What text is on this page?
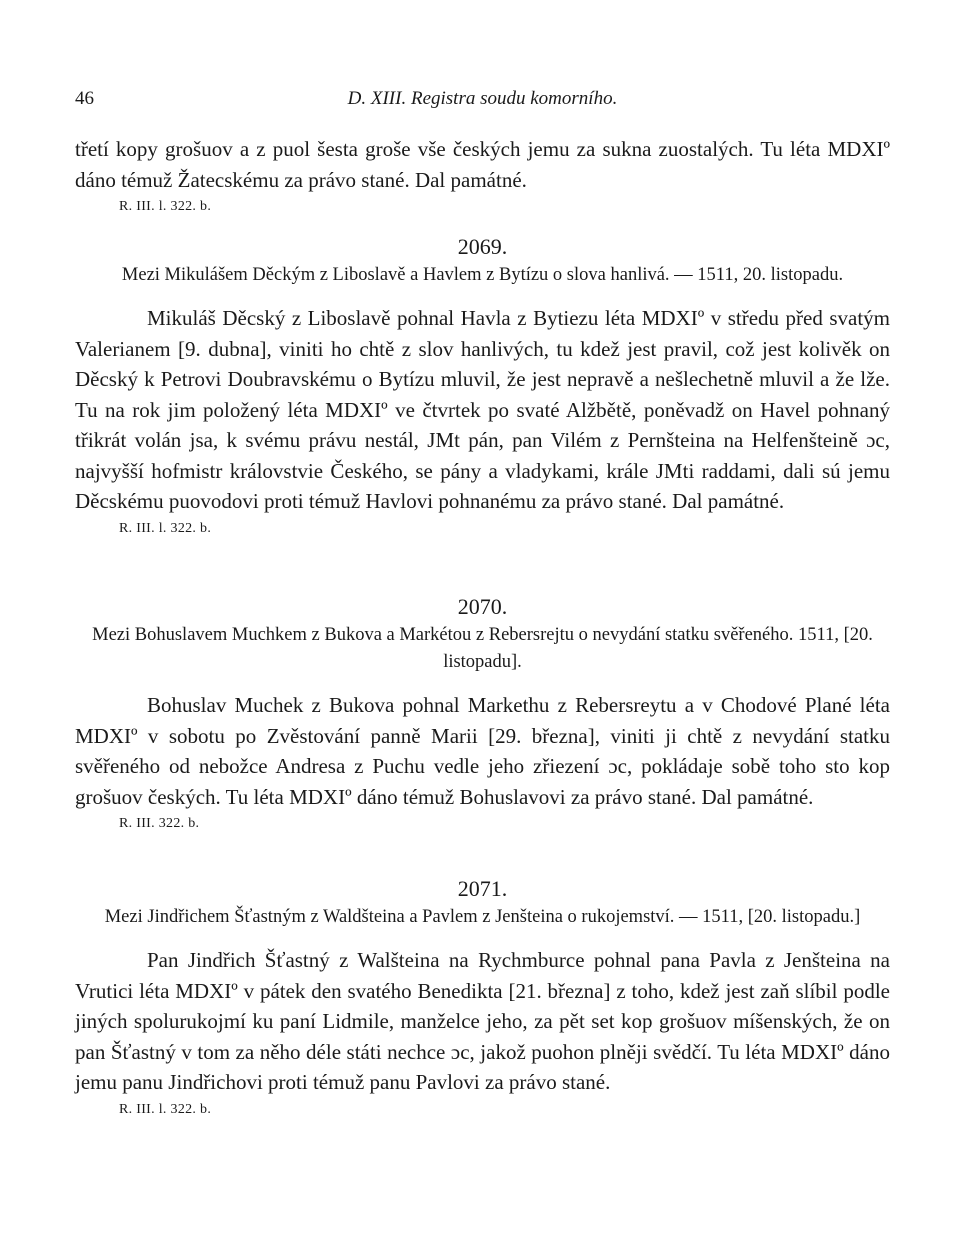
46	D. XIII. Registra soudu komorního.

třetí kopy grošuov a z puol šesta groše vše českých jemu za sukna zuostalých. Tu léta MDXIº dáno témuž Žatecskému za právo stané. Dal památné.

R. III. l. 322. b.
2069.
Mezi Mikulášem Děckým z Liboslavě a Havlem z Bytízu o slova hanlivá. — 1511, 20. listopadu.

Mikuláš Děcský z Liboslavě pohnal Havla z Bytiezu léta MDXIº v středu před svatým Valerianem [9. dubna], viniti ho chtě z slov hanlivých, tu kdež jest pravil, což jest kolivěk on Děcský k Petrovi Doubravskému o Bytízu mluvil, že jest nepravě a nešlechetně mluvil a že lže. Tu na rok jim položený léta MDXIº ve čtvrtek po svaté Alžbětě, poněvadž on Havel pohnaný třikrát volán jsa, k svému právu nestál, JMt pán, pan Vilém z Pernšteina na Helfenšteině ɔc, najvyšší hofmistr královstvie Českého, se pány a vladykami, krále JMti raddami, dali sú jemu Děcskému puovodovi proti témuž Havlovi pohnanému za právo stané. Dal památné.

R. III. l. 322. b.
2070.
Mezi Bohuslavem Muchkem z Bukova a Markétou z Rebersrejtu o nevydání statku svěřeného. 1511, [20. listopadu].

Bohuslav Muchek z Bukova pohnal Markethu z Rebersreytu a v Chodové Plané léta MDXIº v sobotu po Zvěstování panně Marii [29. března], viniti ji chtě z nevydání statku svěřeného od nebožce Andresa z Puchu vedle jeho zřiezení ɔc, pokládaje sobě toho sto kop grošuov českých. Tu léta MDXIº dáno témuž Bohuslavovi za právo stané. Dal památné.

R. III. 322. b.
2071.
Mezi Jindřichem Šťastným z Waldšteina a Pavlem z Jenšteina o rukojemství. — 1511, [20. listopadu.]

Pan Jindřich Šťastný z Walšteina na Rychmburce pohnal pana Pavla z Jenšteina na Vrutici léta MDXIº v pátek den svatého Benedikta [21. března] z toho, kdež jest zaň slíbil podle jiných spolurukojmí ku paní Lidmile, manželce jeho, za pět set kop grošuov míšenských, že on pan Šťastný v tom za něho déle státi nechce ɔc, jakož puohon plněji svědčí. Tu léta MDXIº dáno jemu panu Jindřichovi proti témuž panu Pavlovi za právo stané.

R. III. l. 322. b.
